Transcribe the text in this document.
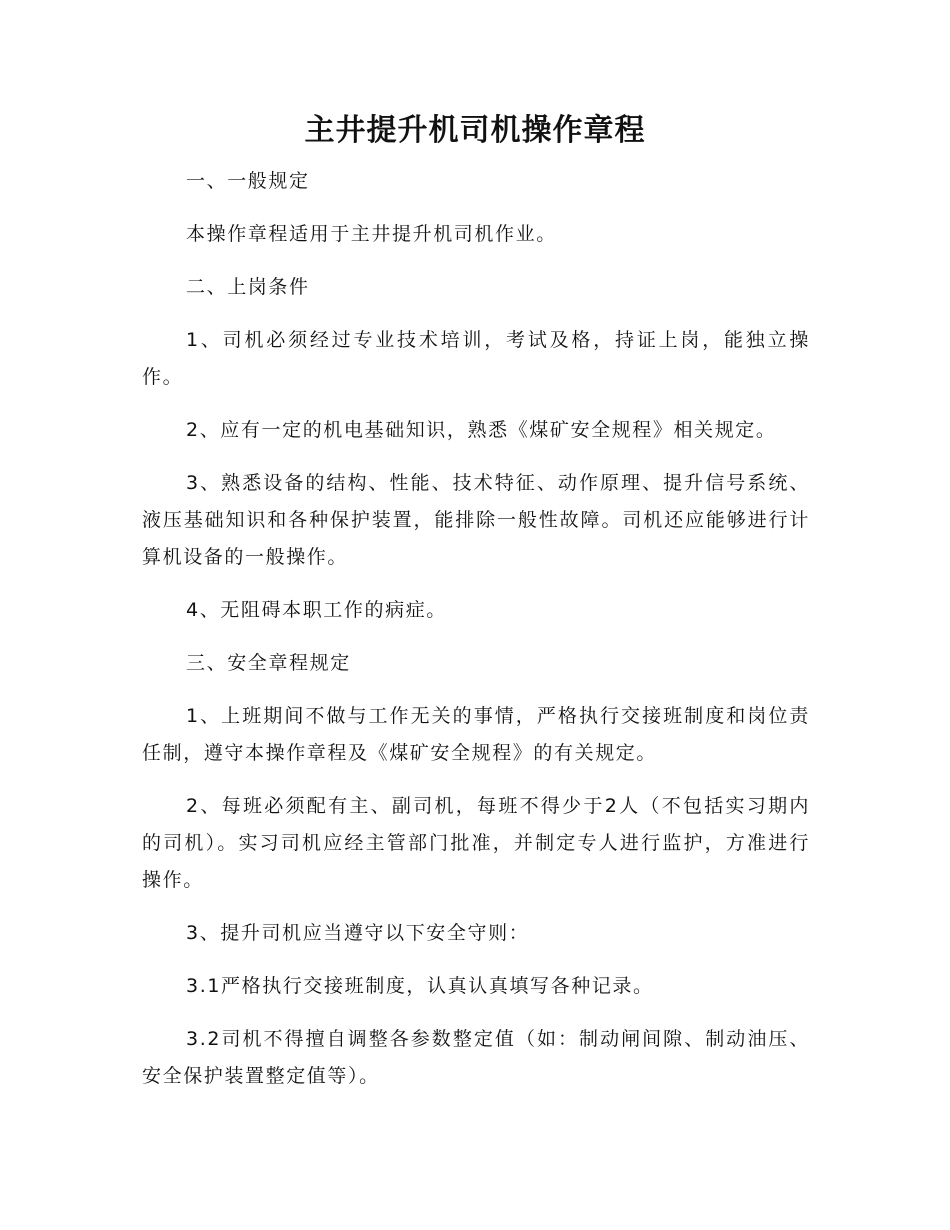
主井提升机司机操作章程

一、一般规定

本操作章程适用于主井提升机司机作业。

二、上岗条件

1、司机必须经过专业技术培训，考试及格，持证上岗，能独立操作。

2、应有一定的机电基础知识，熟悉《煤矿安全规程》相关规定。

3、熟悉设备的结构、性能、技术特征、动作原理、提升信号系统、液压基础知识和各种保护装置，能排除一般性故障。司机还应能够进行计算机设备的一般操作。

4、无阻碍本职工作的病症。

三、安全章程规定

1、上班期间不做与工作无关的事情，严格执行交接班制度和岗位责任制，遵守本操作章程及《煤矿安全规程》的有关规定。

2、每班必须配有主、副司机，每班不得少于2人（不包括实习期内的司机）。实习司机应经主管部门批准，并制定专人进行监护，方准进行操作。

3、提升司机应当遵守以下安全守则：

3.1严格执行交接班制度，认真认真填写各种记录。

3.2司机不得擅自调整各参数整定值（如：制动闸间隙、制动油压、安全保护装置整定值等）。
